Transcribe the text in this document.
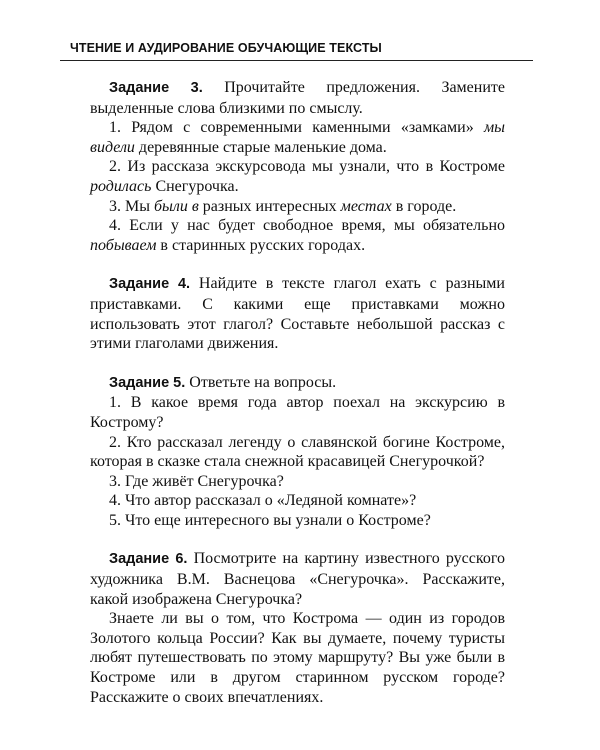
ЧТЕНИЕ И АУДИРОВАНИЕ ОБУЧАЮЩИЕ ТЕКСТЫ

Задание 3. Прочитайте предложения. Замените выделенные слова близкими по смыслу.

1. Рядом с современными каменными «замками» мы видели деревянные старые маленькие дома.

2. Из рассказа экскурсовода мы узнали, что в Костроме родилась Снегурочка.

3. Мы были в разных интересных местах в городе.

4. Если у нас будет свободное время, мы обязательно побываем в старинных русских городах.

Задание 4. Найдите в тексте глагол ехать с разными приставками. С какими еще приставками можно использовать этот глагол? Составьте небольшой рассказ с этими глаголами движения.

Задание 5. Ответьте на вопросы.

1. В какое время года автор поехал на экскурсию в Кострому?

2. Кто рассказал легенду о славянской богине Костроме, которая в сказке стала снежной красавицей Снегурочкой?

3. Где живёт Снегурочка?

4. Что автор рассказал о «Ледяной комнате»?

5. Что еще интересного вы узнали о Костроме?

Задание 6. Посмотрите на картину известного русского художника В.М. Васнецова «Снегурочка». Расскажите, какой изображена Снегурочка?

Знаете ли вы о том, что Кострома — один из городов Золотого кольца России? Как вы думаете, почему туристы любят путешествовать по этому маршруту? Вы уже были в Костроме или в другом старинном русском городе? Расскажите о своих впечатлениях.
